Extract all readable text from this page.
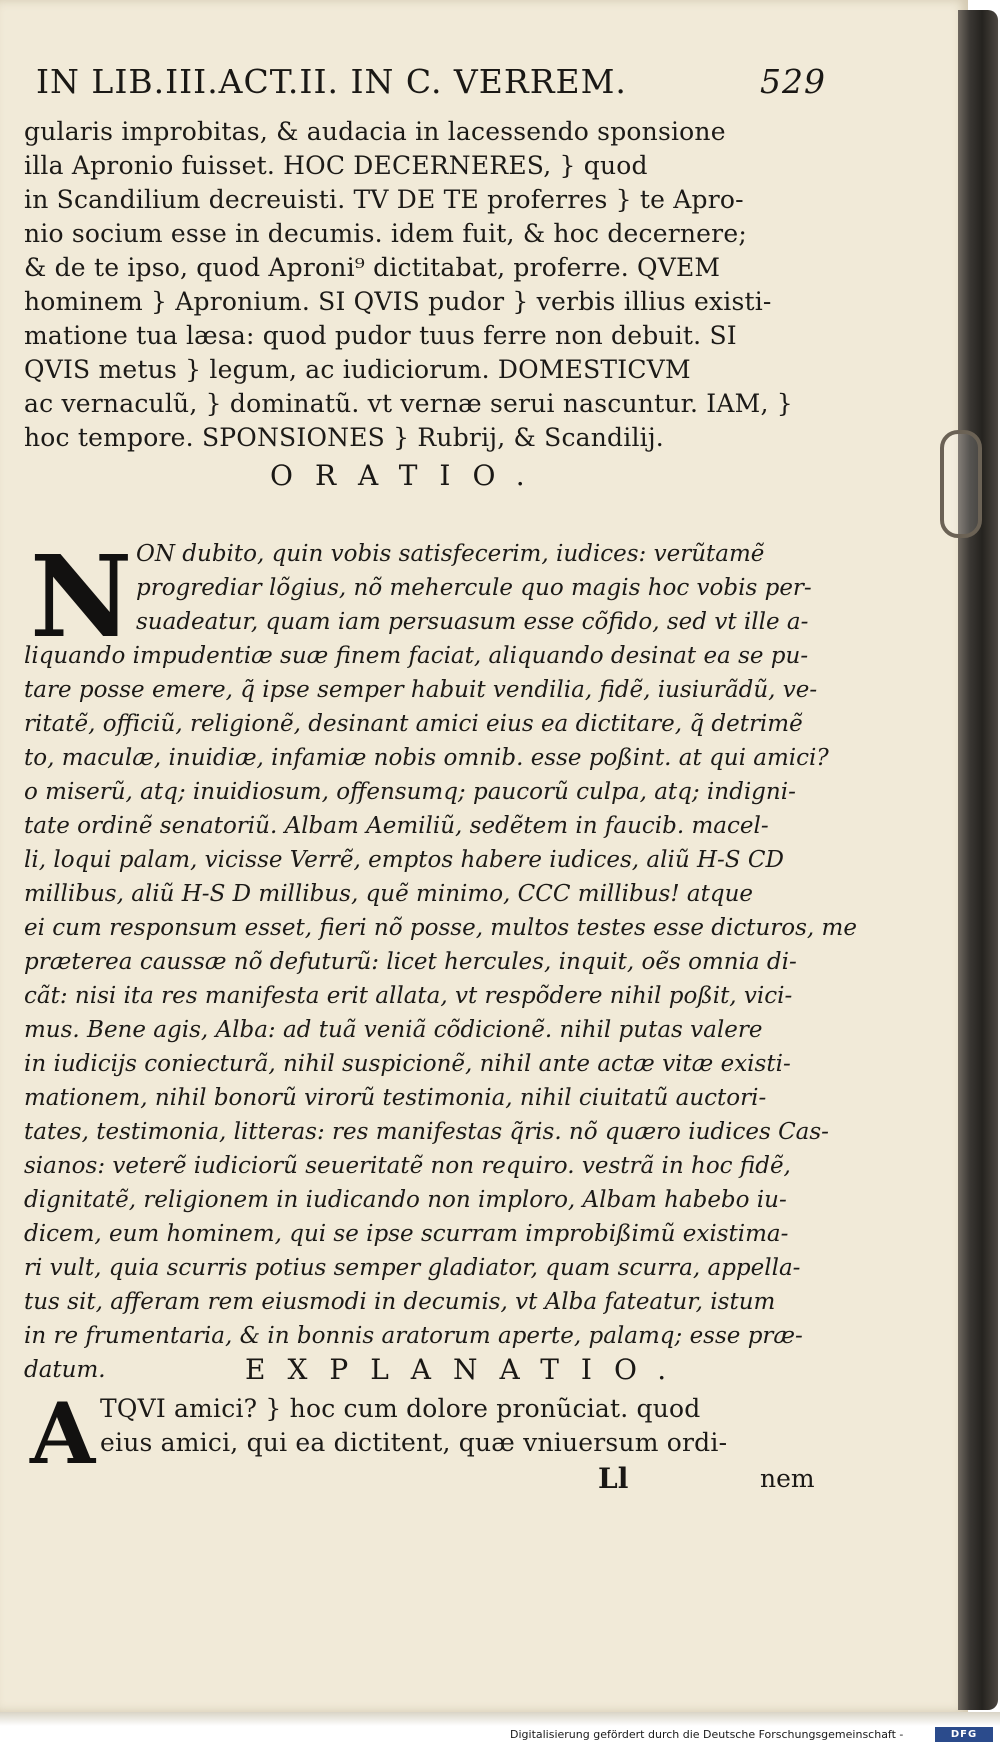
IN LIB.III.ACT.II. IN C. VERREM.	529
gularis improbitas, & audacia in lacessendo sponsione
illa Apronio fuisset. HOC DECERNERES, } quod
in Scandilium decreuisti. TV DE TE proferres } te Apro-
nio socium esse in decumis. idem fuit, & hoc decernere;
& de te ipso, quod Aproni⁹ dictitabat, proferre. QVEM
hominem } Apronium. SI QVIS pudor } verbis illius existi-
matione tua læsa: quod pudor tuus ferre non debuit. SI
QVIS metus } legum, ac iudiciorum. DOMESTICVM
ac vernaculũ, } dominatũ. vt vernæ serui nascuntur. IAM, }
hoc tempore. SPONSIONES } Rubrij, & Scandilij.
ORATIO.
N ON dubito, quin vobis satisfecerim, iudices: verũtamẽ
progrediar lõgius, nõ mehercule quo magis hoc vobis per-
suadeatur, quam iam persuasum esse cõfido, sed vt ille a-
liquando impudentiæ suæ finem faciat, aliquando desinat ea se pu-
tare posse emere, q̃ ipse semper habuit vendilia, fidẽ, iusiurãdũ, ve-
ritatẽ, officiũ, religionẽ, desinant amici eius ea dictitare, q̃ detrimẽ
to, maculæ, inuidiæ, infamiæ nobis omnib. esse poßint. at qui amici?
o miserũ, atq; inuidiosum, offensumq; paucorũ culpa, atq; indigni-
tate ordinẽ senatoriũ. Albam Aemiliũ, sedẽtem in faucib. macel-
li, loqui palam, vicisse Verrẽ, emptos habere iudices, aliũ H-S CD
millibus, aliũ H-S D millibus, quẽ minimo, CCC millibus! atque
ei cum responsum esset, fieri nõ posse, multos testes esse dicturos, me
præterea caussæ nõ defuturũ: licet hercules, inquit, oẽs omnia di-
cãt: nisi ita res manifesta erit allata, vt respõdere nihil poßit, vici-
mus. Bene agis, Alba: ad tuã veniã cõdicionẽ. nihil putas valere
in iudicijs coniecturã, nihil suspicionẽ, nihil ante actæ vitæ existi-
mationem, nihil bonorũ virorũ testimonia, nihil ciuitatũ auctori-
tates, testimonia, litteras: res manifestas q̃ris. nõ quæro iudices Cas-
sianos: veterẽ iudiciorũ seueritatẽ non requiro. vestrã in hoc fidẽ,
dignitatẽ, religionem in iudicando non imploro, Albam habebo iu-
dicem, eum hominem, qui se ipse scurram improbißimũ existima-
ri vult, quia scurris potius semper gladiator, quam scurra, appella-
tus sit, afferam rem eiusmodi in decumis, vt Alba fateatur, istum
in re frumentaria, & in bonnis aratorum aperte, palamq; esse præ-
datum.	EXPLANATIO.
A TQVI amici? } hoc cum dolore pronũciat. quod
eius amici, qui ea dictitent, quæ vniuersum ordi-
Ll	nem
Digitalisierung gefördert durch die Deutsche Forschungsgemeinschaft -	DFG
